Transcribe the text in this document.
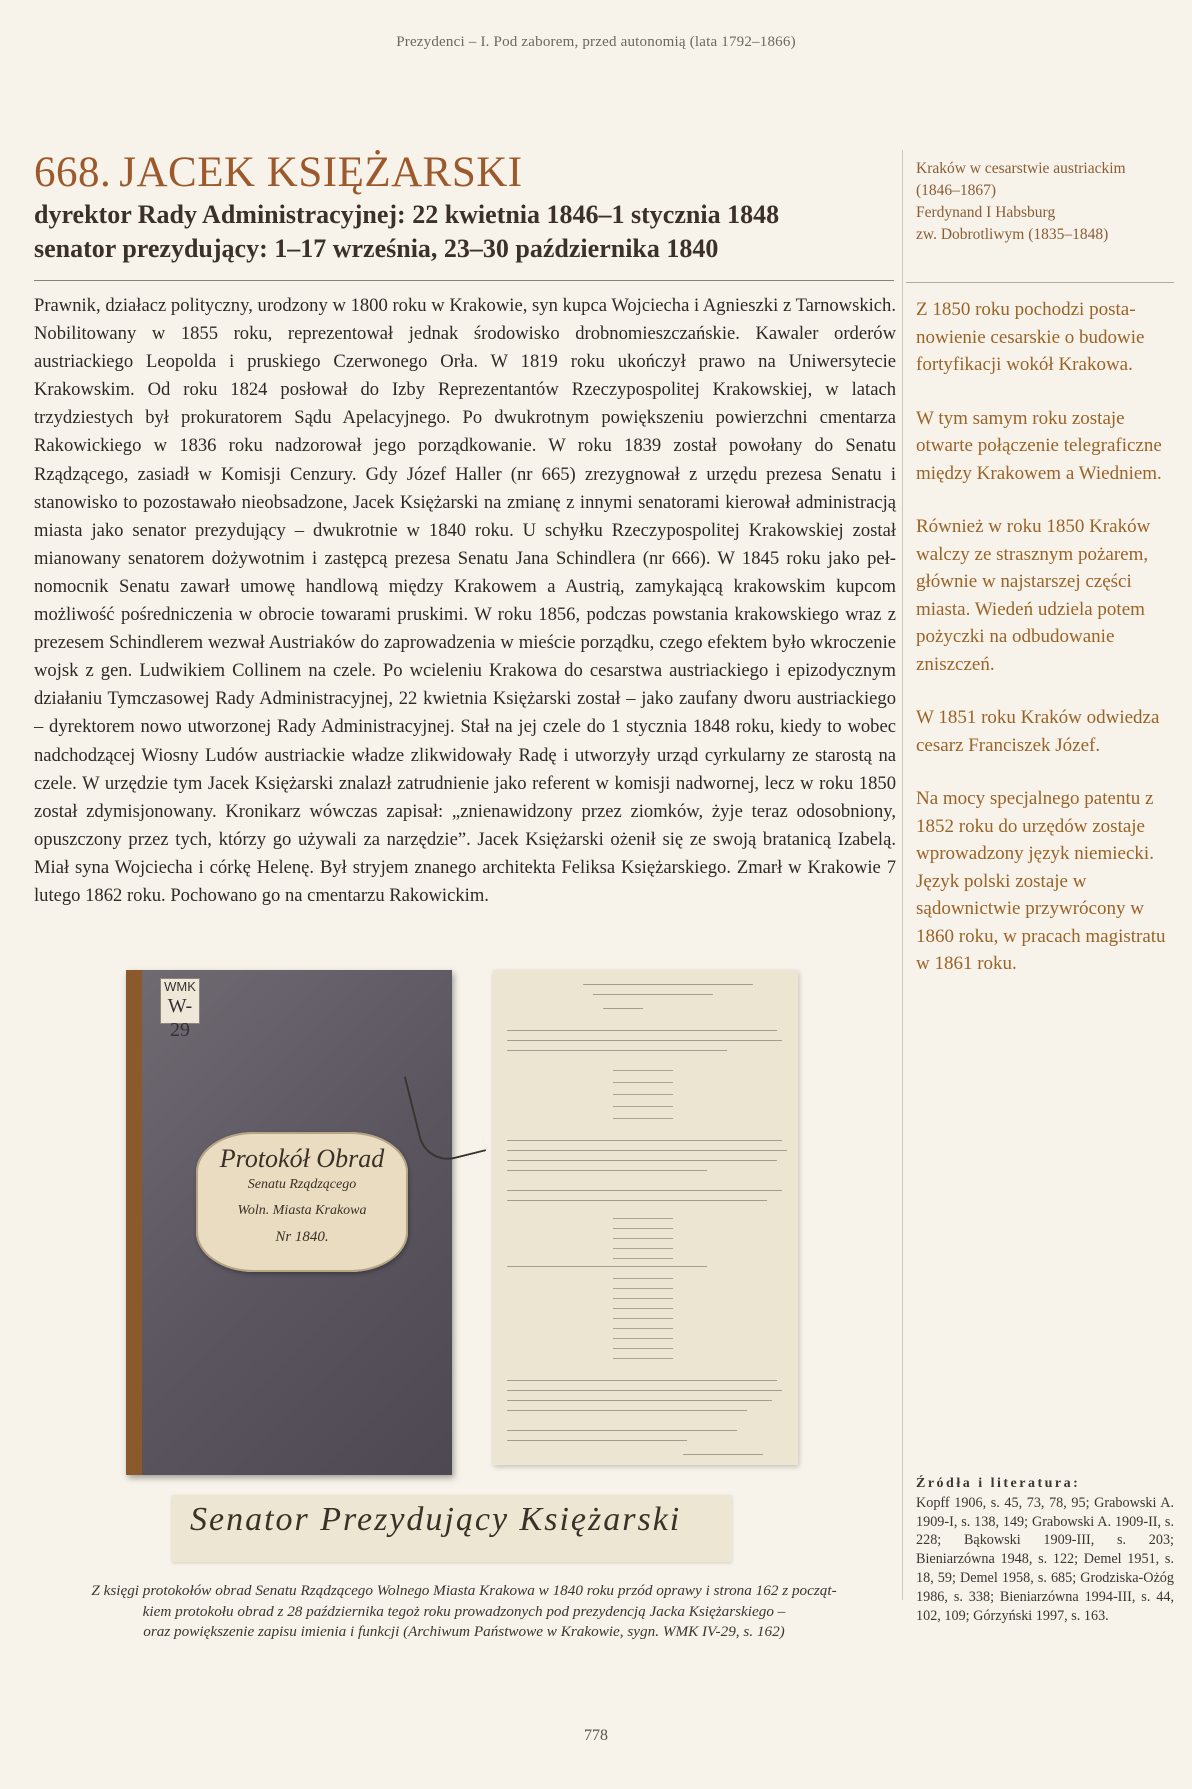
Prezydenci – I. Pod zaborem, przed autonomią (lata 1792–1866)
668. JACEK KSIĘŻARSKI
dyrektor Rady Administracyjnej: 22 kwietnia 1846–1 stycznia 1848
senator prezydujący: 1–17 września, 23–30 października 1840
Prawnik, działacz polityczny, urodzony w 1800 roku w Krakowie, syn kupca Wojciecha i Agnieszki z Tarnowskich. Nobilitowany w 1855 roku, reprezentował jednak środowisko drobnomieszczańskie. Kawaler orderów austriackiego Leopolda i pruskiego Czerwonego Orła. W 1819 roku ukończył prawo na Uniwersytecie Krakowskim. Od roku 1824 posłował do Izby Reprezentantów Rzeczypospolitej Krakowskiej, w latach trzydziestych był prokuratorem Sądu Apelacyjnego. Po dwukrotnym powiększeniu powierzchni cmentarza Rakowickiego w 1836 roku nadzorował jego porządkowanie. W roku 1839 został powołany do Senatu Rządzącego, zasiadł w Komisji Cenzury. Gdy Józef Haller (nr 665) zrezygnował z urzędu prezesa Senatu i stanowisko to pozostawało nieobsadzone, Jacek Księżarski na zmianę z innymi senatorami kierował administracją miasta jako senator prezydujący – dwukrotnie w 1840 roku. U schyłku Rzeczypospolitej Krakowskiej został mianowany senatorem dożywotnim i zastępcą prezesa Senatu Jana Schindlera (nr 666). W 1845 roku jako pełnomocnik Senatu zawarł umowę handlową między Krakowem a Austrią, zamykającą krakowskim kupcom możliwość pośredniczenia w obrocie towarami pruskimi. W roku 1856, podczas powstania krakowskiego wraz z prezesem Schindlerem wezwał Austriaków do zaprowadzenia w mieście porządku, czego efektem było wkroczenie wojsk z gen. Ludwikiem Collinem na czele. Po wcieleniu Krakowa do cesarstwa austriackiego i epizodycznym działaniu Tymczasowej Rady Administracyjnej, 22 kwietnia Księżarski został – jako zaufany dworu austriackiego – dyrektorem nowo utworzonej Rady Administracyjnej. Stał na jej czele do 1 stycznia 1848 roku, kiedy to wobec nadchodzącej Wiosny Ludów austriackie władze zlikwidowały Radę i utworzyły urząd cyrkularny ze starostą na czele. W urzędzie tym Jacek Księżarski znalazł zatrudnienie jako referent w komisji nadwornej, lecz w roku 1850 został zdymisjonowany. Kronikarz wówczas zapisał: „znienawidzony przez ziomków, żyje teraz odosobniony, opuszczony przez tych, którzy go używali za narzędzie”. Jacek Księżarski ożenił się ze swoją bratanicą Izabelą. Miał syna Wojciecha i córkę Helenę. Był stryjem znanego architekta Feliksa Księżarskiego. Zmarł w Krakowie 7 lutego 1862 roku. Pochowano go na cmentarzu Rakowickim.
Kraków w cesarstwie austriackim
(1846–1867)
Ferdynand I Habsburg
zw. Dobrotliwym (1835–1848)

Z 1850 roku pochodzi postanowienie cesarskie o budowie fortyfikacji wokół Krakowa.

W tym samym roku zostaje otwarte połączenie telegraficzne między Krakowem a Wiedniem.

Również w roku 1850 Kraków walczy ze strasznym pożarem, głównie w najstarszej części miasta. Wiedeń udziela potem pożyczki na odbudowanie zniszczeń.

W 1851 roku Kraków odwiedza cesarz Franciszek Józef.

Na mocy specjalnego patentu z 1852 roku do urzędów zostaje wprowadzony język niemiecki. Język polski zostaje w sądownictwie przywrócony w 1860 roku, w pracach magistratu w 1861 roku.

WMK
W-29
Protokół Obrad
Senatu Rządzącego
Woln. Miasta Krakowa
Nr 1840.
Senator Prezydujący Księżarski
Z księgi protokołów obrad Senatu Rządzącego Wolnego Miasta Krakowa w 1840 roku przód oprawy i strona 162 z począt-
kiem protokołu obrad z 28 października tegoż roku prowadzonych pod prezydencją Jacka Księżarskiego –
oraz powiększenie zapisu imienia i funkcji (Archiwum Państwowe w Krakowie, sygn. WMK IV-29, s. 162)
Źródła i literatura:
Kopff 1906, s. 45, 73, 78, 95; Grabowski A. 1909-I, s. 138, 149; Grabowski A. 1909-II, s. 228; Bąkowski 1909-III, s. 203; Bieniarzówna 1948, s. 122; Demel 1951, s. 18, 59; Demel 1958, s. 685; Grodziska-Ożóg 1986, s. 338; Bieniarzówna 1994-III, s. 44, 102, 109; Górzyński 1997, s. 163.
778
